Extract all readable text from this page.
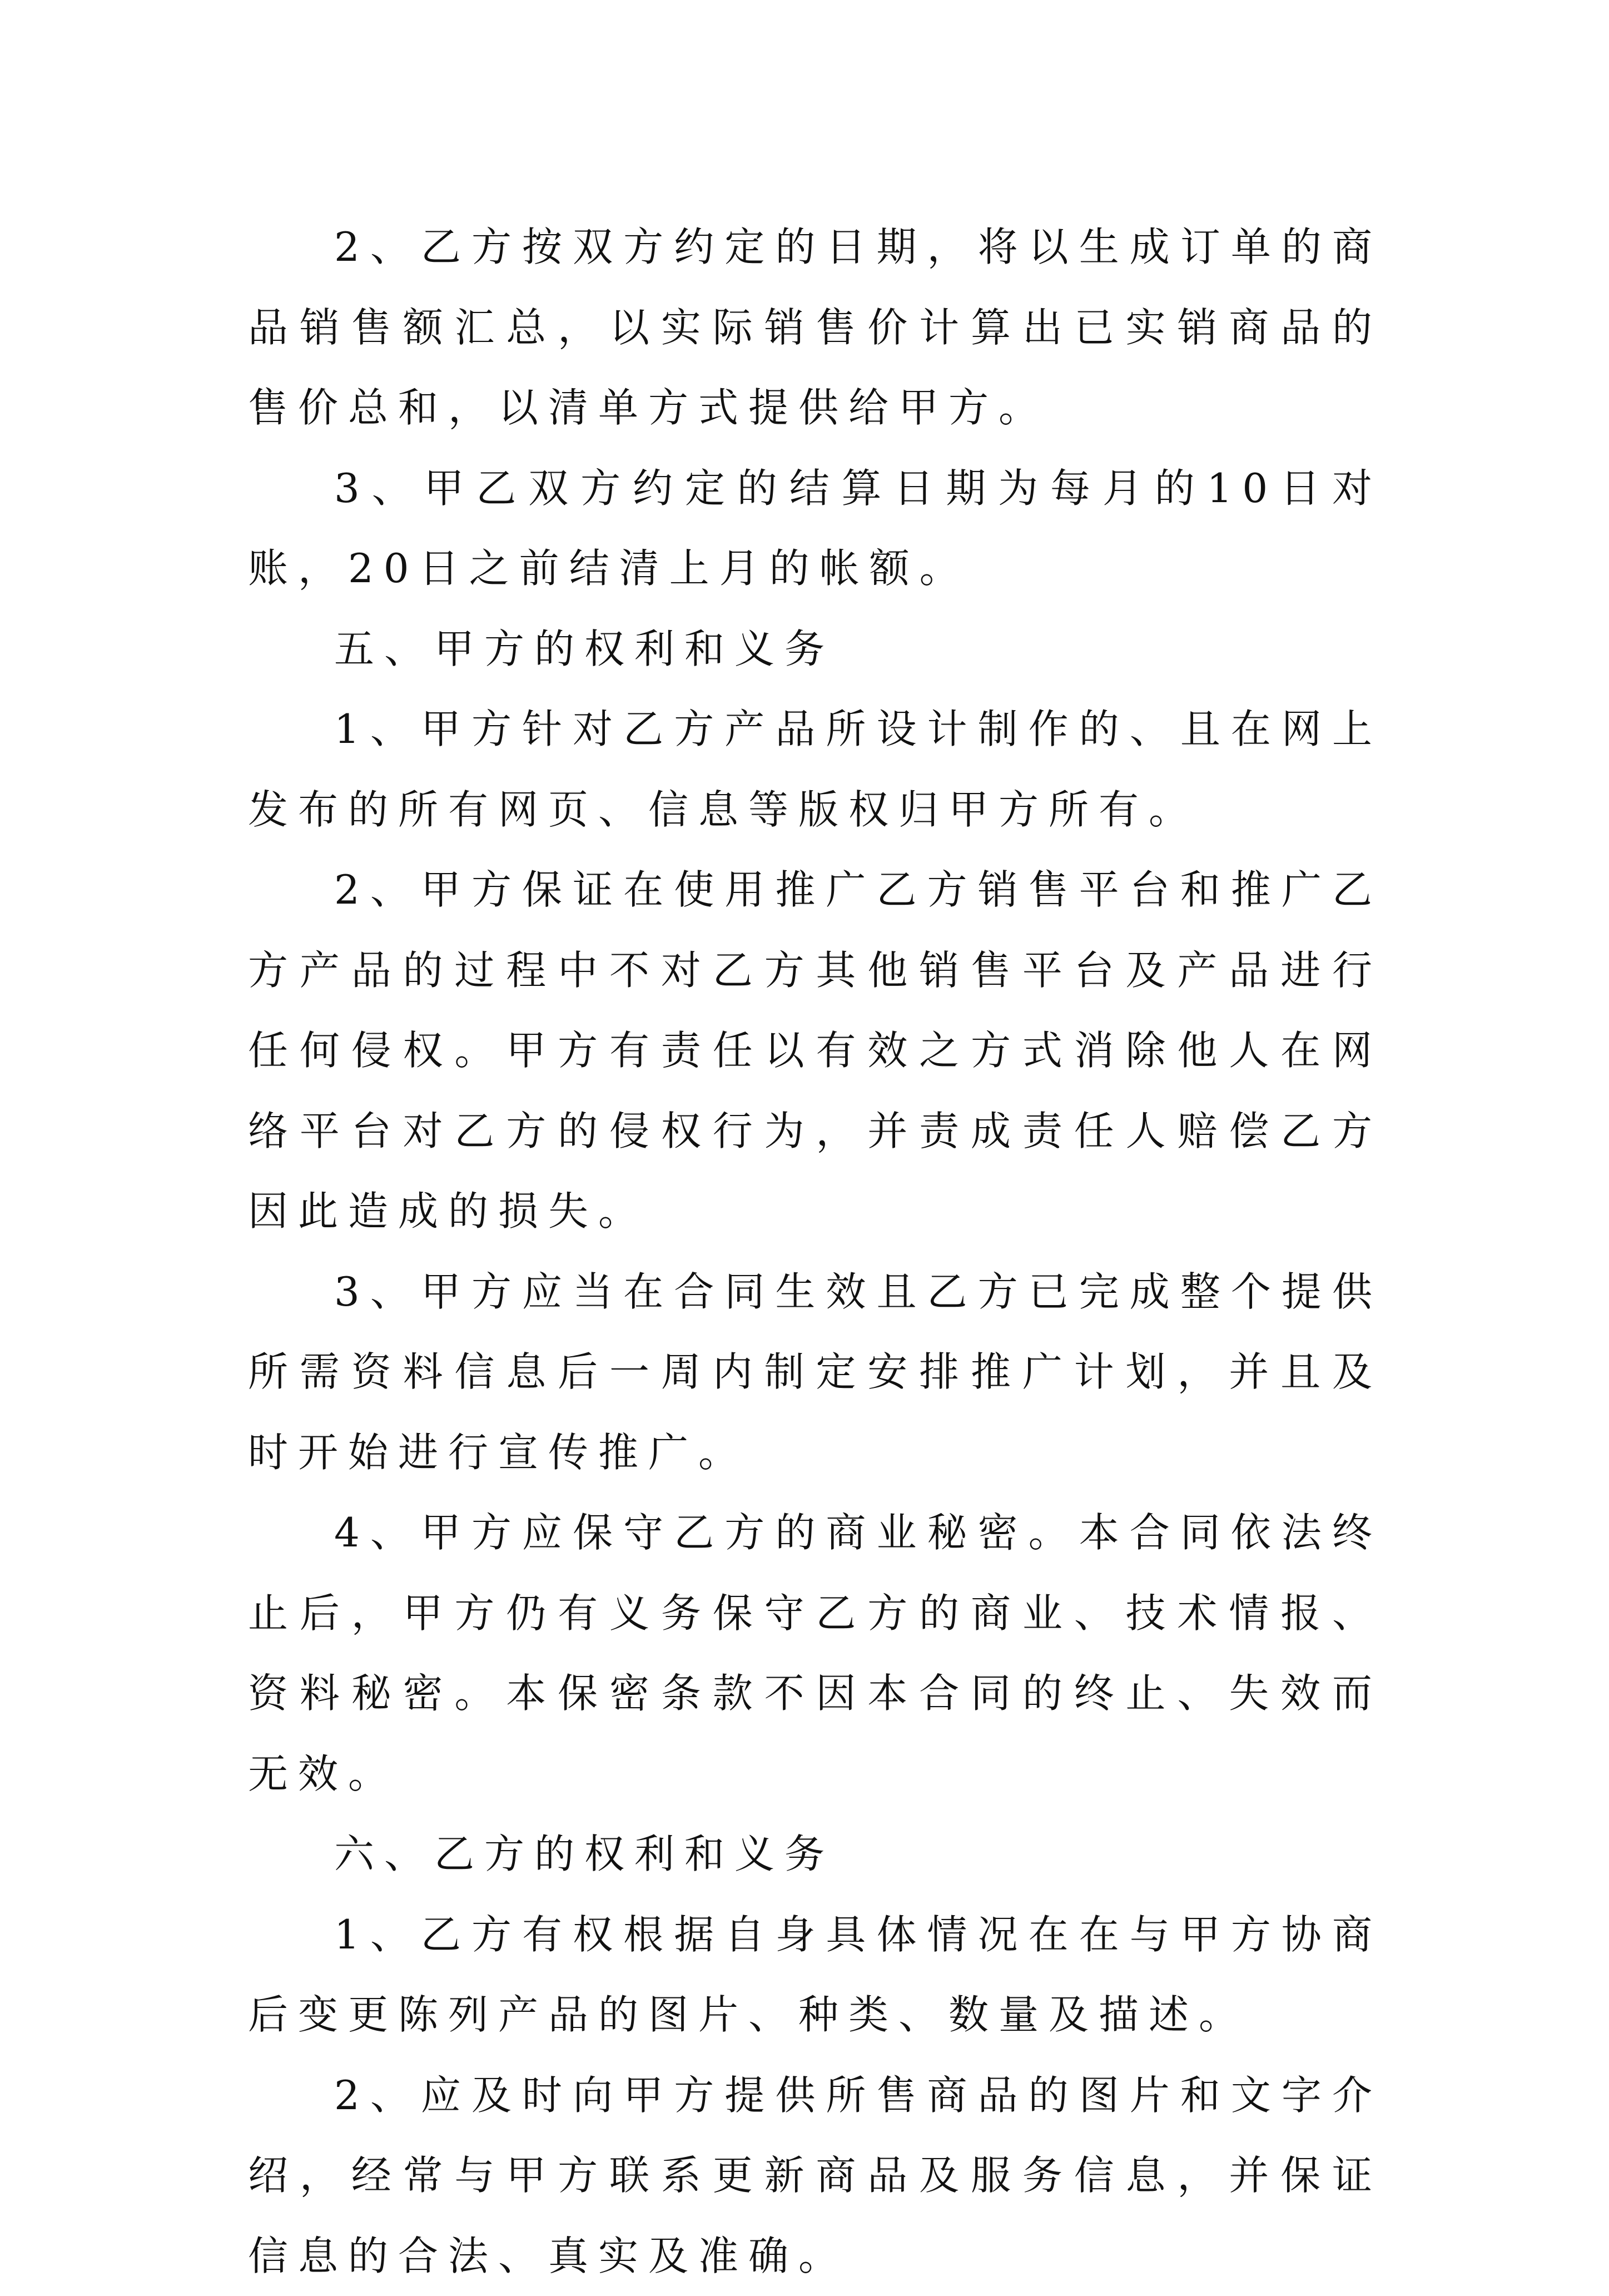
2、乙方按双方约定的日期，将以生成订单的商品销售额汇总，以实际销售价计算出已实销商品的售价总和，以清单方式提供给甲方。

3、甲乙双方约定的结算日期为每月的10日对账，20日之前结清上月的帐额。

五、甲方的权利和义务

1、甲方针对乙方产品所设计制作的、且在网上发布的所有网页、信息等版权归甲方所有。

2、甲方保证在使用推广乙方销售平台和推广乙方产品的过程中不对乙方其他销售平台及产品进行任何侵权。甲方有责任以有效之方式消除他人在网络平台对乙方的侵权行为，并责成责任人赔偿乙方因此造成的损失。

3、甲方应当在合同生效且乙方已完成整个提供所需资料信息后一周内制定安排推广计划，并且及时开始进行宣传推广。

4、甲方应保守乙方的商业秘密。本合同依法终止后，甲方仍有义务保守乙方的商业、技术情报、资料秘密。本保密条款不因本合同的终止、失效而无效。

六、乙方的权利和义务

1、乙方有权根据自身具体情况在在与甲方协商后变更陈列产品的图片、种类、数量及描述。

2、应及时向甲方提供所售商品的图片和文字介绍，经常与甲方联系更新商品及服务信息，并保证信息的合法、真实及准确。
